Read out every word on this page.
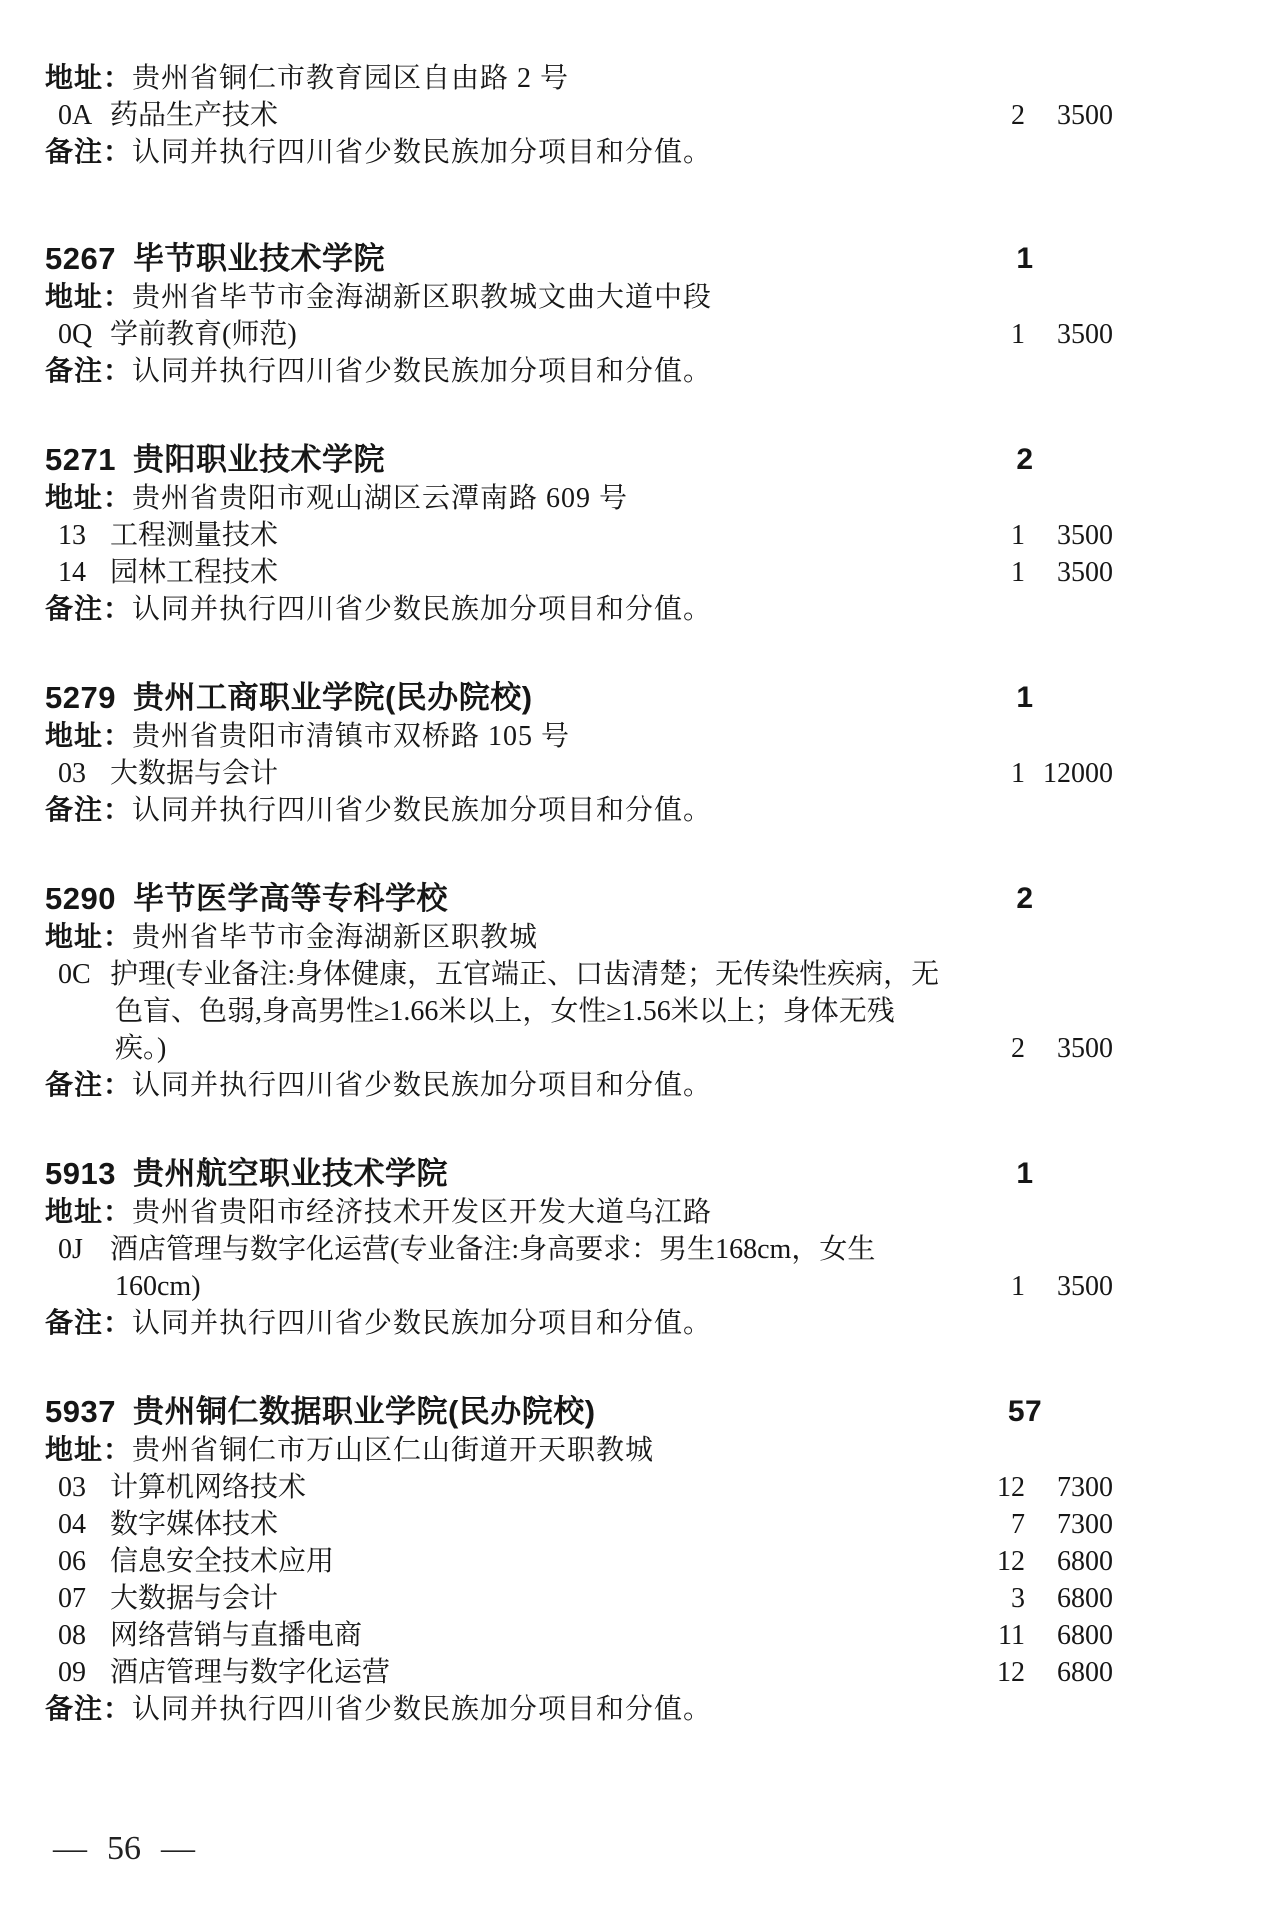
地址：贵州省铜仁市教育园区自由路 2 号
0A 药品生产技术	2 3500
备注：认同并执行四川省少数民族加分项目和分值。
5267 毕节职业技术学院	1
地址：贵州省毕节市金海湖新区职教城文曲大道中段
0Q 学前教育(师范)	1 3500
备注：认同并执行四川省少数民族加分项目和分值。
5271 贵阳职业技术学院	2
地址：贵州省贵阳市观山湖区云潭南路 609 号
13 工程测量技术	1 3500
14 园林工程技术	1 3500
备注：认同并执行四川省少数民族加分项目和分值。
5279 贵州工商职业学院(民办院校)	1
地址：贵州省贵阳市清镇市双桥路 105 号
03 大数据与会计	1 12000
备注：认同并执行四川省少数民族加分项目和分值。
5290 毕节医学高等专科学校	2
地址：贵州省毕节市金海湖新区职教城
0C 护理(专业备注:身体健康，五官端正、口齿清楚；无传染性疾病，无
色盲、色弱,身高男性≥1.66米以上，女性≥1.56米以上；身体无残
疾。)	2 3500
备注：认同并执行四川省少数民族加分项目和分值。
5913 贵州航空职业技术学院	1
地址：贵州省贵阳市经济技术开发区开发大道乌江路
0J 酒店管理与数字化运营(专业备注:身高要求：男生168cm，女生
160cm)	1 3500
备注：认同并执行四川省少数民族加分项目和分值。
5937 贵州铜仁数据职业学院(民办院校)	57
地址：贵州省铜仁市万山区仁山街道开天职教城
03 计算机网络技术	12 7300
04 数字媒体技术	7 7300
06 信息安全技术应用	12 6800
07 大数据与会计	3 6800
08 网络营销与直播电商	11 6800
09 酒店管理与数字化运营	12 6800
备注：认同并执行四川省少数民族加分项目和分值。
— 56 —
